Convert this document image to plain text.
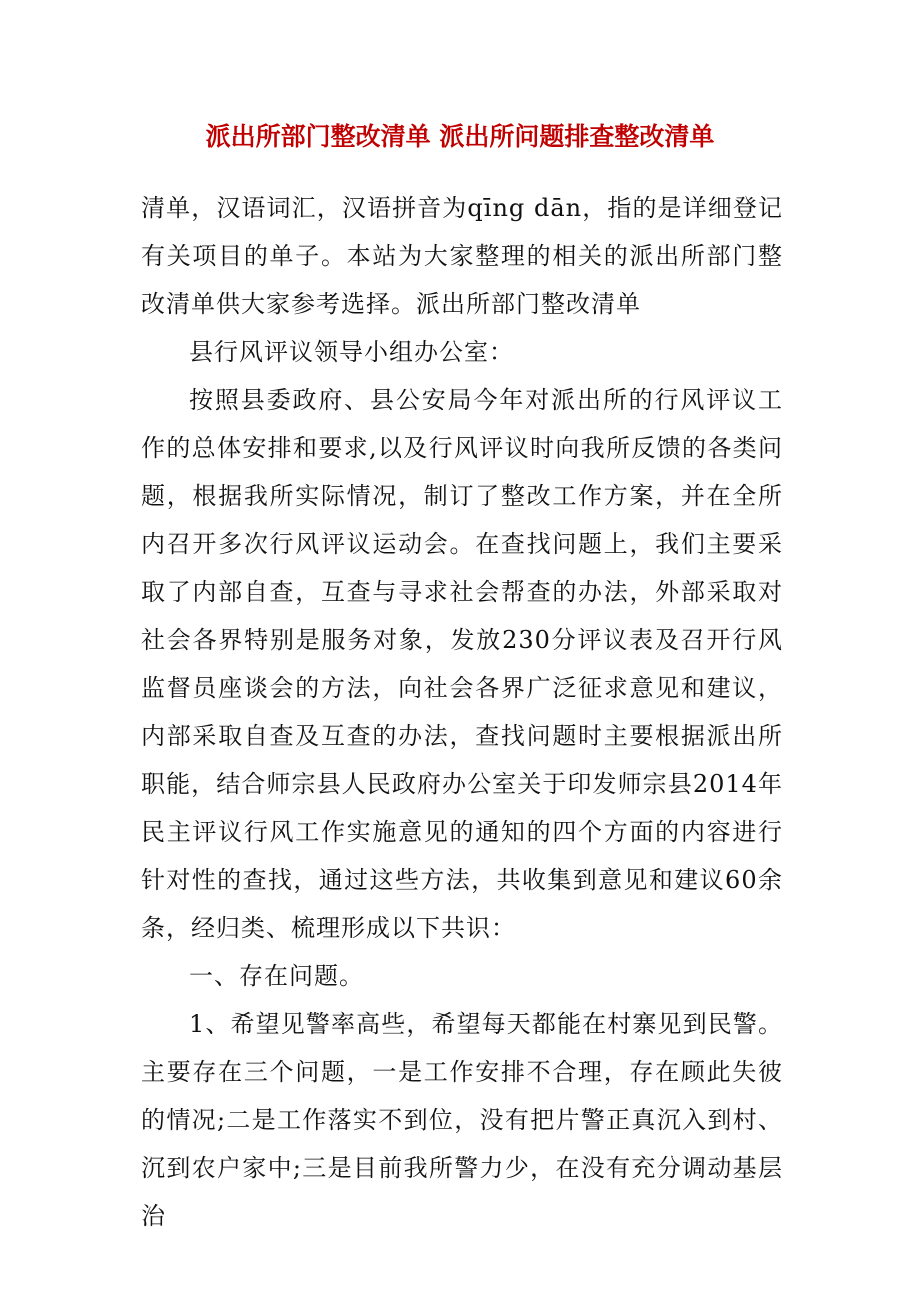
派出所部门整改清单 派出所问题排查整改清单

清单，汉语词汇，汉语拼音为qīng dān，指的是详细登记有关项目的单子。本站为大家整理的相关的派出所部门整改清单供大家参考选择。派出所部门整改清单

县行风评议领导小组办公室：

按照县委政府、县公安局今年对派出所的行风评议工作的总体安排和要求,以及行风评议时向我所反馈的各类问题，根据我所实际情况，制订了整改工作方案，并在全所内召开多次行风评议运动会。在查找问题上，我们主要采取了内部自查，互查与寻求社会帮查的办法，外部采取对社会各界特别是服务对象，发放230分评议表及召开行风监督员座谈会的方法，向社会各界广泛征求意见和建议，内部采取自查及互查的办法，查找问题时主要根据派出所职能，结合师宗县人民政府办公室关于印发师宗县2014年民主评议行风工作实施意见的通知的四个方面的内容进行针对性的查找，通过这些方法，共收集到意见和建议60余条，经归类、梳理形成以下共识：

一、存在问题。

1、希望见警率高些，希望每天都能在村寨见到民警。主要存在三个问题，一是工作安排不合理，存在顾此失彼的情况;二是工作落实不到位，没有把片警正真沉入到村、沉到农户家中;三是目前我所警力少，在没有充分调动基层治
